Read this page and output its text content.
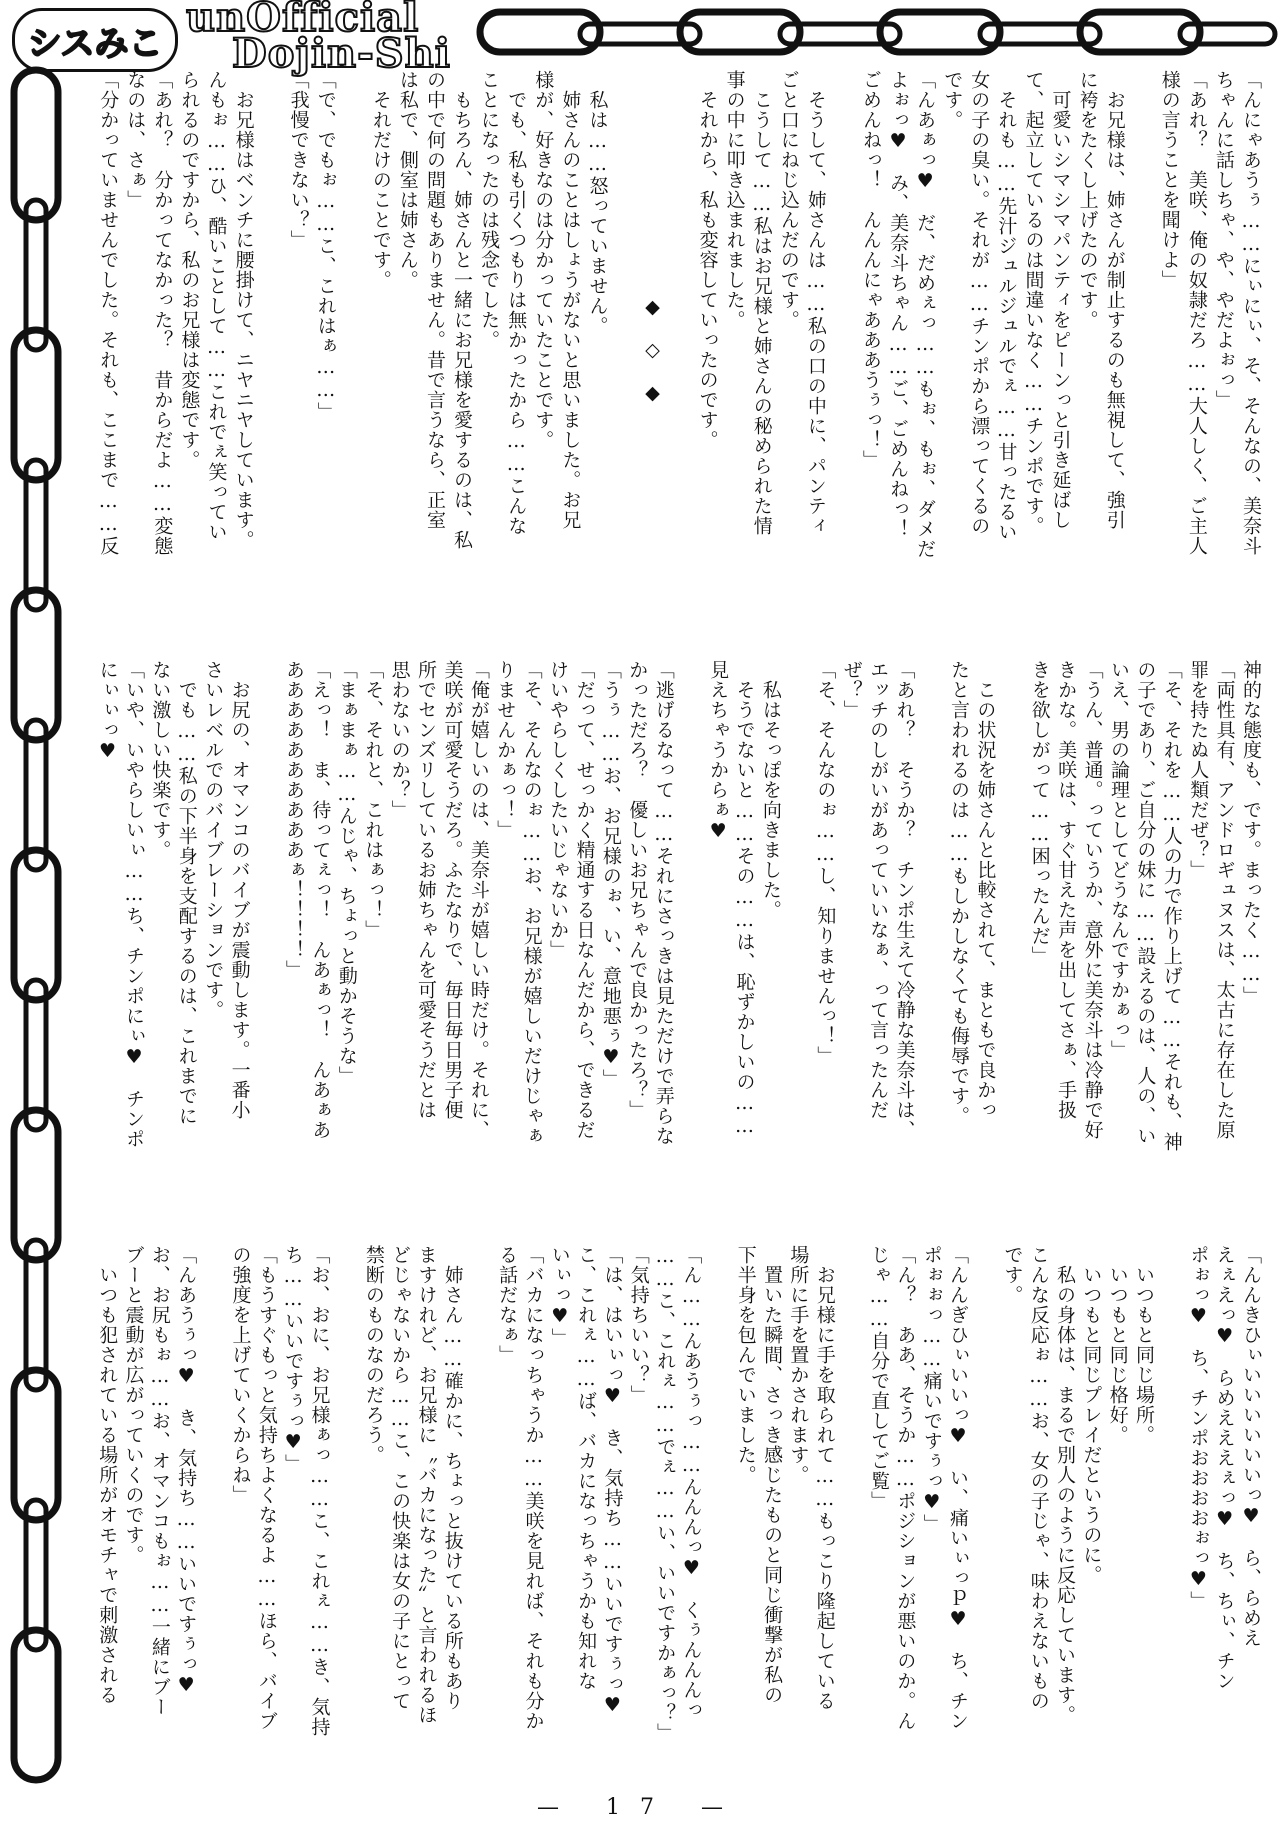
シスみこ
unOfficial
Dojin-Shi
「んにゃあうぅ……にぃにぃ、そ、そんなの、美奈斗
ちゃんに話しちゃ、や、やだよぉっ」
「あれ？　美咲、俺の奴隷だろ……大人しく、ご主人
様の言うことを聞けよ」
　お兄様は、姉さんが制止するのも無視して、強引
に袴をたくし上げたのです。
　可愛いシマシマパンティをピーンっと引き延ばし
て、起立しているのは間違いなく……チンポです。
　それも……先汁ジュルジュルでぇ……甘ったるい
女の子の臭い。それが……チンポから漂ってくるの
です。
「んあぁっ♥　だ、だめぇっ……もぉ、もぉ、ダメだ
よぉっ♥　み、美奈斗ちゃん……ご、ごめんねっ！
ごめんねっ！　んんんにゃあああうぅっ！」
　そうして、姉さんは……私の口の中に、パンティ
ごと口にねじ込んだのです。
　こうして……私はお兄様と姉さんの秘められた情
事の中に叩き込まれました。
　それから、私も変容していったのです。
◆　◇　◆
　私は……怒っていません。
　姉さんのことはしょうがないと思いました。お兄
様が、好きなのは分かっていたことです。
　でも、私も引くつもりは無かったから……こんな
ことになったのは残念でした。
　もちろん、姉さんと一緒にお兄様を愛するのは、私
の中で何の問題もありません。昔で言うなら、正室
は私で、側室は姉さん。
　それだけのことです。
「で、でもぉ……こ、これはぁ……」
「我慢できない？」
　お兄様はベンチに腰掛けて、ニヤニヤしています。
んもぉ……ひ、酷いことして……これでぇ笑ってい
られるのですから、私のお兄様は変態です。
「あれ？　分かってなかった？　昔からだよ……変態
なのは、さぁ」
「分かっていませんでした。それも、ここまで……反
神的な態度も、です。まったく……」
「両性具有、アンドロギュヌスは、太古に存在した原
罪を持たぬ人類だぜ？」
「そ、それを……人の力で作り上げて……それも、神
の子であり、ご自分の妹に……設えるのは、人の、い
いえ、男の論理としてどうなんですかぁっ」
「うん、普通。っていうか、意外に美奈斗は冷静で好
きかな。美咲は、すぐ甘えた声を出してさぁ、手扱
きを欲しがって……困ったんだ」
　この状況を姉さんと比較されて、まともで良かっ
たと言われるのは……もしかしなくても侮辱です。
「あれ？　そうか？　チンポ生えて冷静な美奈斗は、
エッチのしがいがあっていいなぁ、って言ったんだ
ぜ？」
「そ、そんなのぉ……し、知りませんっ！」
　私はそっぽを向きました。
　そうでないと……その……は、恥ずかしいの……
見えちゃうからぁ♥
「逃げるなって……それにさっきは見ただけで弄らな
かっただろ？　優しいお兄ちゃんで良かったろ？」
「うぅ……お、お兄様のぉ、い、意地悪ぅ♥」
「だって、せっかく精通する日なんだから、できるだ
けいやらしくしたいじゃないか」
「そ、そんなのぉ……お、お兄様が嬉しいだけじゃぁ
りませんかぁっ！」
「俺が嬉しいのは、美奈斗が嬉しい時だけ。それに、
美咲が可愛そうだろ。ふたなりで、毎日毎日男子便
所でセンズリしているお姉ちゃんを可愛そうだとは
思わないのか？」
「そ、それと、これはぁっ！」
「まぁまぁ……んじゃ、ちょっと動かそうな」
「えっ！　ま、待ってぇっ！　んあぁっ！　んあぁあ
ああああああああああぁ！！！！」
　お尻の、オマンコのバイブが震動します。一番小
さいレベルでのバイブレーションです。
　でも……私の下半身を支配するのは、これまでに
ない激しい快楽です。
「いや、いやらしいぃ……ち、チンポにぃ♥　チンポ
にぃぃっ♥
「んんきひぃいいいいいいっ♥　ら、らめえ
えぇえっ♥　らめえええぇっ♥　ち、ちぃ、チン
ポぉっ♥　ち、チンポおおおおぉっ♥」
　いつもと同じ場所。
　いつもと同じ格好。
　いつもと同じプレイだというのに。
　私の身体は、まるで別人のように反応しています。
こんな反応ぉ……お、女の子じゃ、味わえないもの
です。
「んんぎひぃいいっ♥　い、痛いぃっｐ♥　ち、チン
ポぉぉっ……痛いですぅっ♥」
「ん？　ああ、そうか……ポジションが悪いのか。ん
じゃ……自分で直してご覧」
　お兄様に手を取られて……もっこり隆起している
場所に手を置かされます。
　置いた瞬間、さっき感じたものと同じ衝撃が私の
下半身を包んでいました。
「ん……んあうぅっ……んんんっ♥　くぅんんんっ
……こ、これぇ……でぇ……い、いいですかぁっ？」
「気持ちいい？」
「は、はいぃっ♥　き、気持ち……いいですぅっ♥
こ、これぇ……ば、バカになっちゃうかも知れな
いぃっ♥」
「バカになっちゃうか……美咲を見れば、それも分か
る話だなぁ」
　姉さん……確かに、ちょっと抜けている所もあり
ますけれど、お兄様に〝バカになった〟と言われるほ
どじゃないから……こ、この快楽は女の子にとって
禁断のものなのだろう。
「お、おに、お兄様ぁっ……こ、これぇ……き、気持
ち……いいですぅっ♥」
「もうすぐもっと気持ちよくなるよ……ほら、バイブ
の強度を上げていくからね」
「んあうぅっ♥　き、気持ち……いいですぅっ♥
お、お尻もぉ……お、オマンコもぉ……一緒にブー
ブーと震動が広がっていくのです。
　いつも犯されている場所がオモチャで刺激される
— 17 —
